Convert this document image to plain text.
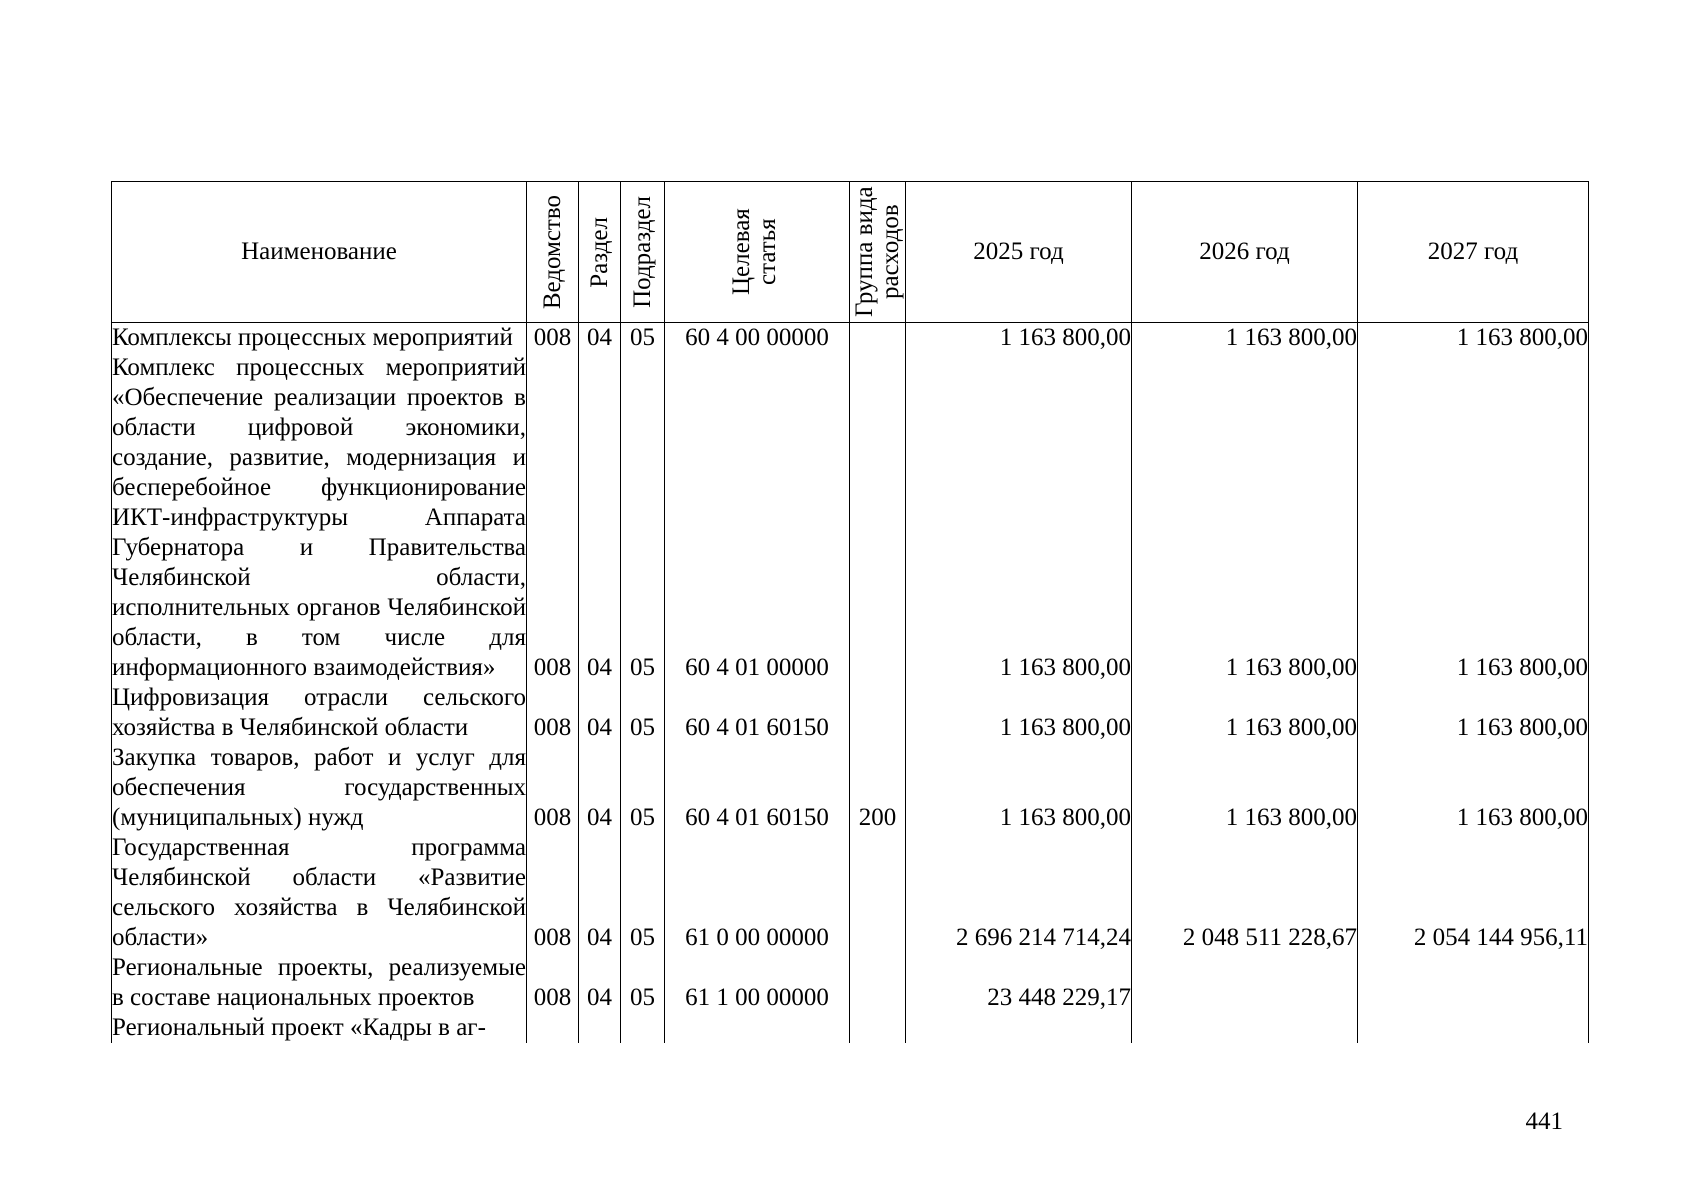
Наименование	Ведомство	Раздел	Подраздел	Целевая статья	Группа вида расходов	2025 год	2026 год	2027 год
Комплексы процессных мероприятий	008	04	05	60 4 00 00000		1 163 800,00	1 163 800,00	1 163 800,00
Комплекс процессных мероприятий «Обеспечение реализации проектов в области цифровой экономики, создание, развитие, модернизация и бесперебойное функционирование ИКТ-инфраструктуры Аппарата Губернатора и Правительства Челябинской области, исполнительных органов Челябинской области, в том числе для информационного взаимодействия»	008	04	05	60 4 01 00000		1 163 800,00	1 163 800,00	1 163 800,00
Цифровизация отрасли сельского хозяйства в Челябинской области	008	04	05	60 4 01 60150		1 163 800,00	1 163 800,00	1 163 800,00
Закупка товаров, работ и услуг для обеспечения государственных (муниципальных) нужд	008	04	05	60 4 01 60150	200	1 163 800,00	1 163 800,00	1 163 800,00
Государственная программа Челябинской области «Развитие сельского хозяйства в Челябинской области»	008	04	05	61 0 00 00000		2 696 214 714,24	2 048 511 228,67	2 054 144 956,11
Региональные проекты, реализуемые в составе национальных проектов	008	04	05	61 1 00 00000		23 448 229,17		
Региональный проект «Кадры в аг-								
441
